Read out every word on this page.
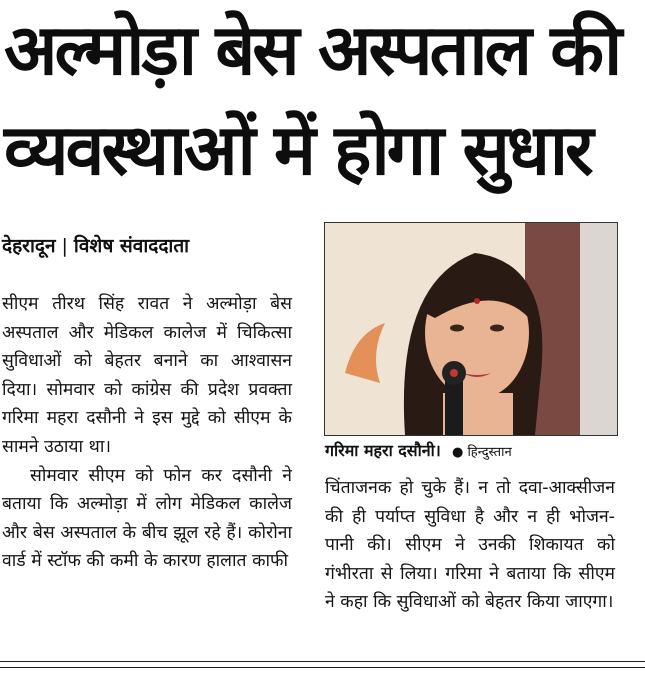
अल्मोड़ा बेस अस्पताल की
व्यवस्थाओं में होगा सुधार
देहरादून | विशेष संवाददाता

सीएम तीरथ सिंह रावत ने अल्मोड़ा बेस अस्पताल और मेडिकल कालेज में चिकित्सा सुविधाओं को बेहतर बनाने का आश्वासन दिया। सोमवार को कांग्रेस की प्रदेश प्रवक्ता गरिमा महरा दसौनी ने इस मुद्दे को सीएम के सामने उठाया था।

सोमवार सीएम को फोन कर दसौनी ने बताया कि अल्मोड़ा में लोग मेडिकल कालेज और बेस अस्पताल के बीच झूल रहे हैं। कोरोना वार्ड में स्टॉफ की कमी के कारण हालात काफी

गरिमा महरा दसौनी। ● हिन्दुस्तान

चिंताजनक हो चुके हैं। न तो दवा-आक्सीजन की ही पर्याप्त सुविधा है और न ही भोजन-पानी की। सीएम ने उनकी शिकायत को गंभीरता से लिया। गरिमा ने बताया कि सीएम ने कहा कि सुविधाओं को बेहतर किया जाएगा।
